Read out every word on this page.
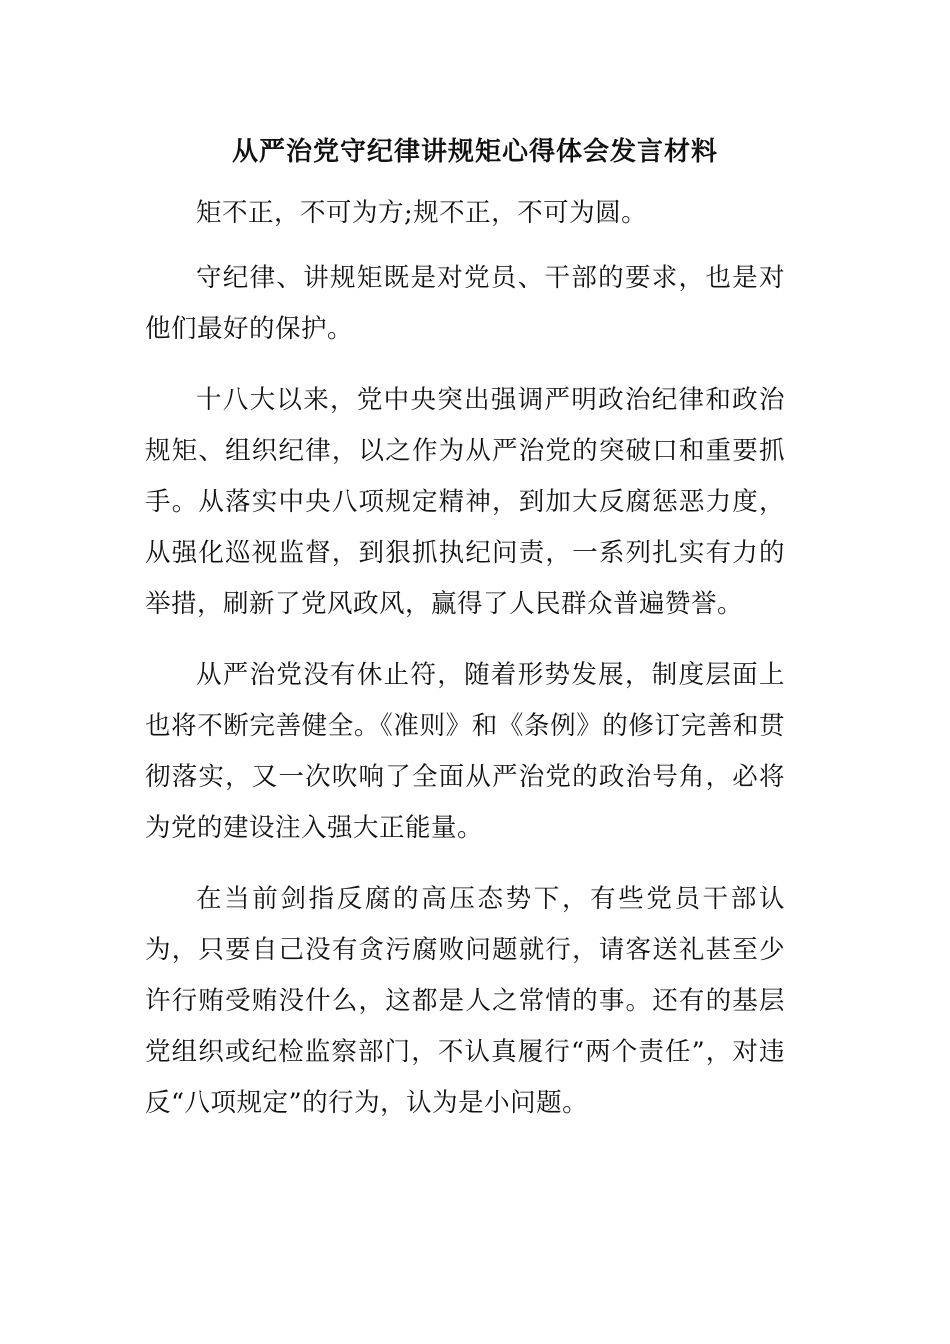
从严治党守纪律讲规矩心得体会发言材料

矩不正，不可为方;规不正，不可为圆。

守纪律、讲规矩既是对党员、干部的要求，也是对他们最好的保护。

十八大以来，党中央突出强调严明政治纪律和政治规矩、组织纪律，以之作为从严治党的突破口和重要抓手。从落实中央八项规定精神，到加大反腐惩恶力度，从强化巡视监督，到狠抓执纪问责，一系列扎实有力的举措，刷新了党风政风，赢得了人民群众普遍赞誉。

从严治党没有休止符，随着形势发展，制度层面上也将不断完善健全。《准则》和《条例》的修订完善和贯彻落实，又一次吹响了全面从严治党的政治号角，必将为党的建设注入强大正能量。

在当前剑指反腐的高压态势下，有些党员干部认为，只要自己没有贪污腐败问题就行，请客送礼甚至少许行贿受贿没什么，这都是人之常情的事。还有的基层党组织或纪检监察部门，不认真履行“两个责任”，对违反“八项规定”的行为，认为是小问题。
